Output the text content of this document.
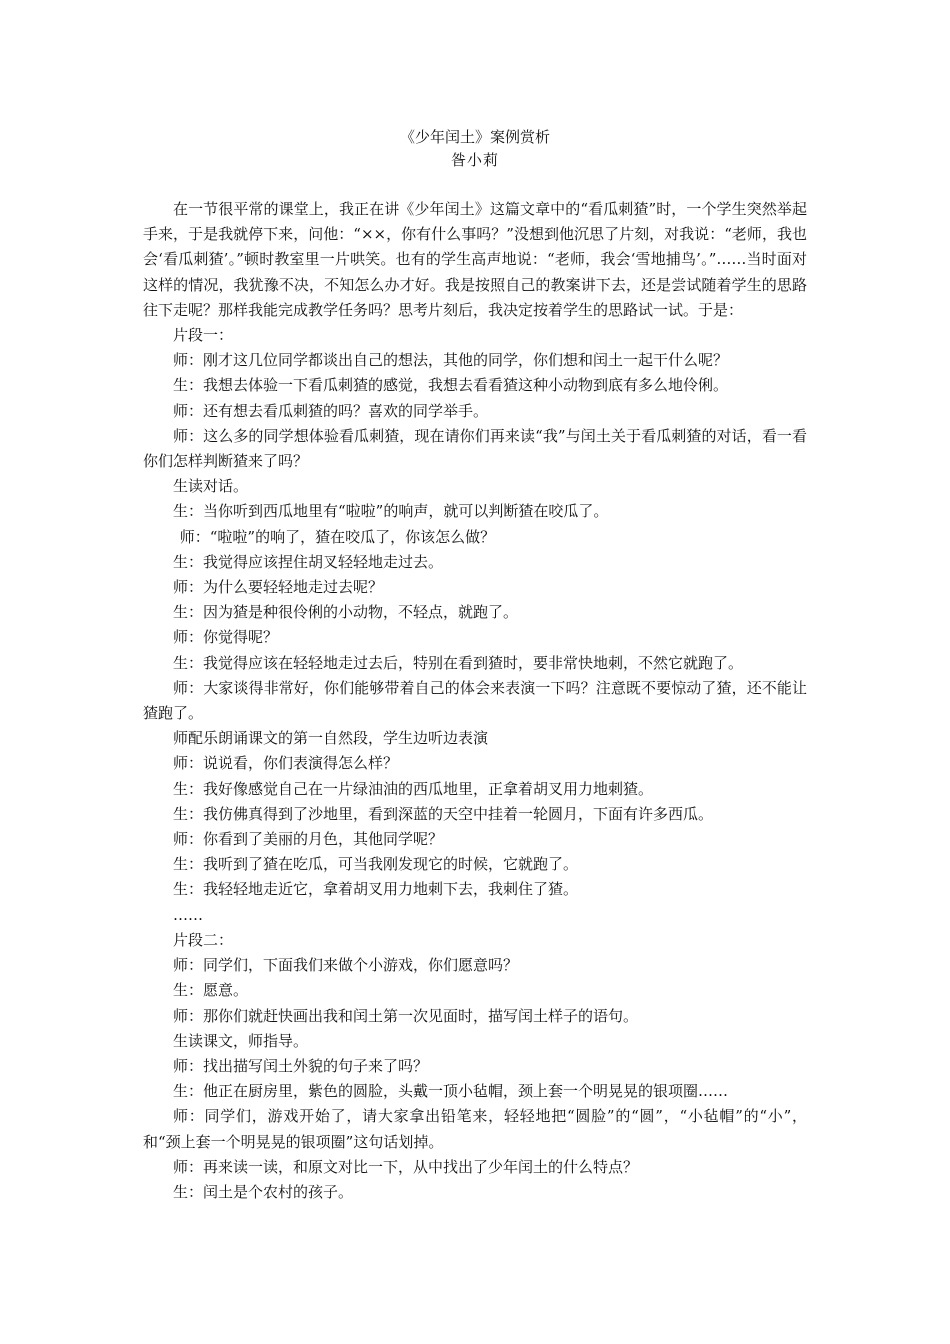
《少年闰土》案例赏析
昝小莉

在一节很平常的课堂上，我正在讲《少年闰土》这篇文章中的“看瓜刺猹”时，一个学生突然举起手来，于是我就停下来，问他：“××，你有什么事吗？”没想到他沉思了片刻，对我说：“老师，我也会‘看瓜刺猹’。”顿时教室里一片哄笑。也有的学生高声地说：“老师，我会‘雪地捕鸟’。”……当时面对这样的情况，我犹豫不决，不知怎么办才好。我是按照自己的教案讲下去，还是尝试随着学生的思路往下走呢？那样我能完成教学任务吗？思考片刻后，我决定按着学生的思路试一试。于是：

片段一：

师：刚才这几位同学都谈出自己的想法，其他的同学，你们想和闰土一起干什么呢？

生：我想去体验一下看瓜刺猹的感觉，我想去看看猹这种小动物到底有多么地伶俐。

师：还有想去看瓜刺猹的吗？喜欢的同学举手。

师：这么多的同学想体验看瓜刺猹，现在请你们再来读“我”与闰土关于看瓜刺猹的对话，看一看你们怎样判断猹来了吗？

生读对话。

生：当你听到西瓜地里有“啦啦”的响声，就可以判断猹在咬瓜了。

师：“啦啦”的响了，猹在咬瓜了，你该怎么做？

生：我觉得应该捏住胡叉轻轻地走过去。

师：为什么要轻轻地走过去呢？

生：因为猹是种很伶俐的小动物，不轻点，就跑了。

师：你觉得呢？

生：我觉得应该在轻轻地走过去后，特别在看到猹时，要非常快地刺，不然它就跑了。

师：大家谈得非常好，你们能够带着自己的体会来表演一下吗？注意既不要惊动了猹，还不能让猹跑了。

师配乐朗诵课文的第一自然段，学生边听边表演

师：说说看，你们表演得怎么样？

生：我好像感觉自己在一片绿油油的西瓜地里，正拿着胡叉用力地刺猹。

生：我仿佛真得到了沙地里，看到深蓝的天空中挂着一轮圆月，下面有许多西瓜。

师：你看到了美丽的月色，其他同学呢？

生：我听到了猹在吃瓜，可当我刚发现它的时候，它就跑了。

生：我轻轻地走近它，拿着胡叉用力地刺下去，我刺住了猹。

……

片段二：

师：同学们，下面我们来做个小游戏，你们愿意吗？

生：愿意。

师：那你们就赶快画出我和闰土第一次见面时，描写闰土样子的语句。

生读课文，师指导。

师：找出描写闰土外貌的句子来了吗？

生：他正在厨房里，紫色的圆脸，头戴一顶小毡帽，颈上套一个明晃晃的银项圈……

师：同学们，游戏开始了，请大家拿出铅笔来，轻轻地把“圆脸”的“圆”，“小毡帽”的“小”，和“颈上套一个明晃晃的银项圈”这句话划掉。

师：再来读一读，和原文对比一下，从中找出了少年闰土的什么特点？

生：闰土是个农村的孩子。
